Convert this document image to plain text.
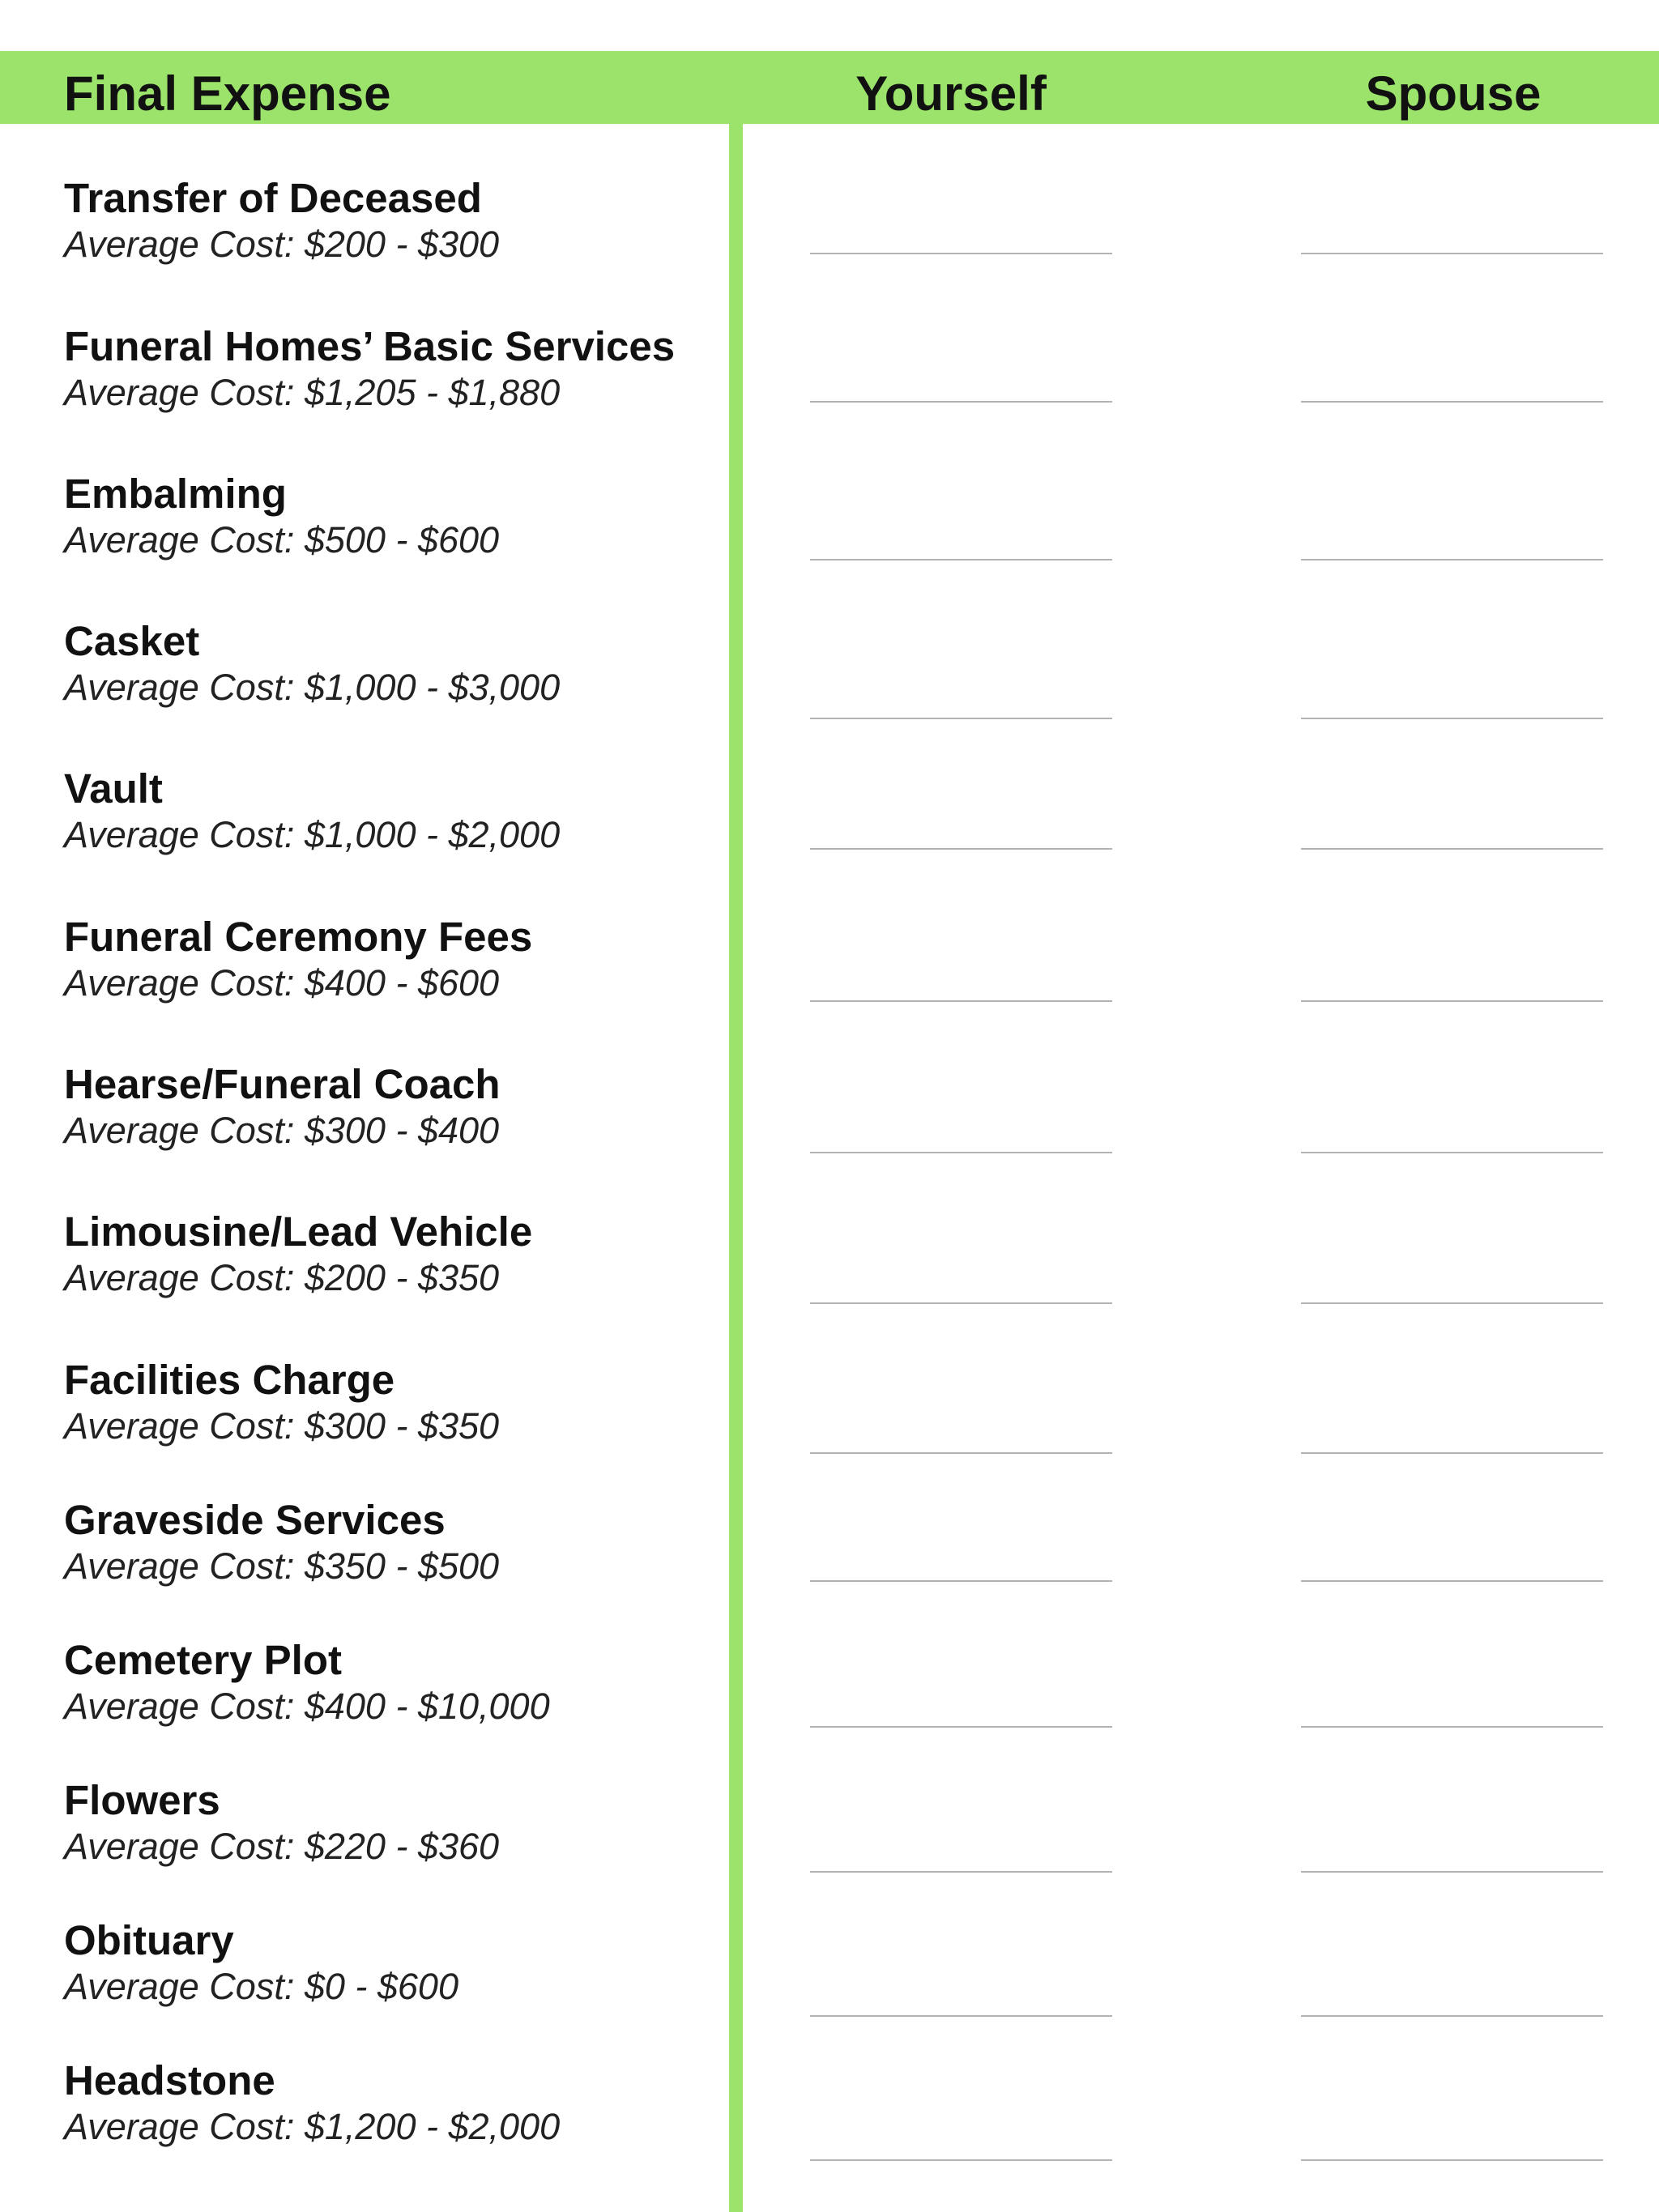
Final Expense	Yourself	Spouse
Transfer of Deceased
Average Cost: $200 - $300
Funeral Homes’ Basic Services
Average Cost: $1,205 - $1,880
Embalming
Average Cost: $500 - $600
Casket
Average Cost: $1,000 - $3,000
Vault
Average Cost: $1,000 - $2,000
Funeral Ceremony Fees
Average Cost: $400 - $600
Hearse/Funeral Coach
Average Cost: $300 - $400
Limousine/Lead Vehicle
Average Cost: $200 - $350
Facilities Charge
Average Cost: $300 - $350
Graveside Services
Average Cost: $350 - $500
Cemetery Plot
Average Cost: $400 - $10,000
Flowers
Average Cost: $220 - $360
Obituary
Average Cost: $0 - $600
Headstone
Average Cost: $1,200 - $2,000
